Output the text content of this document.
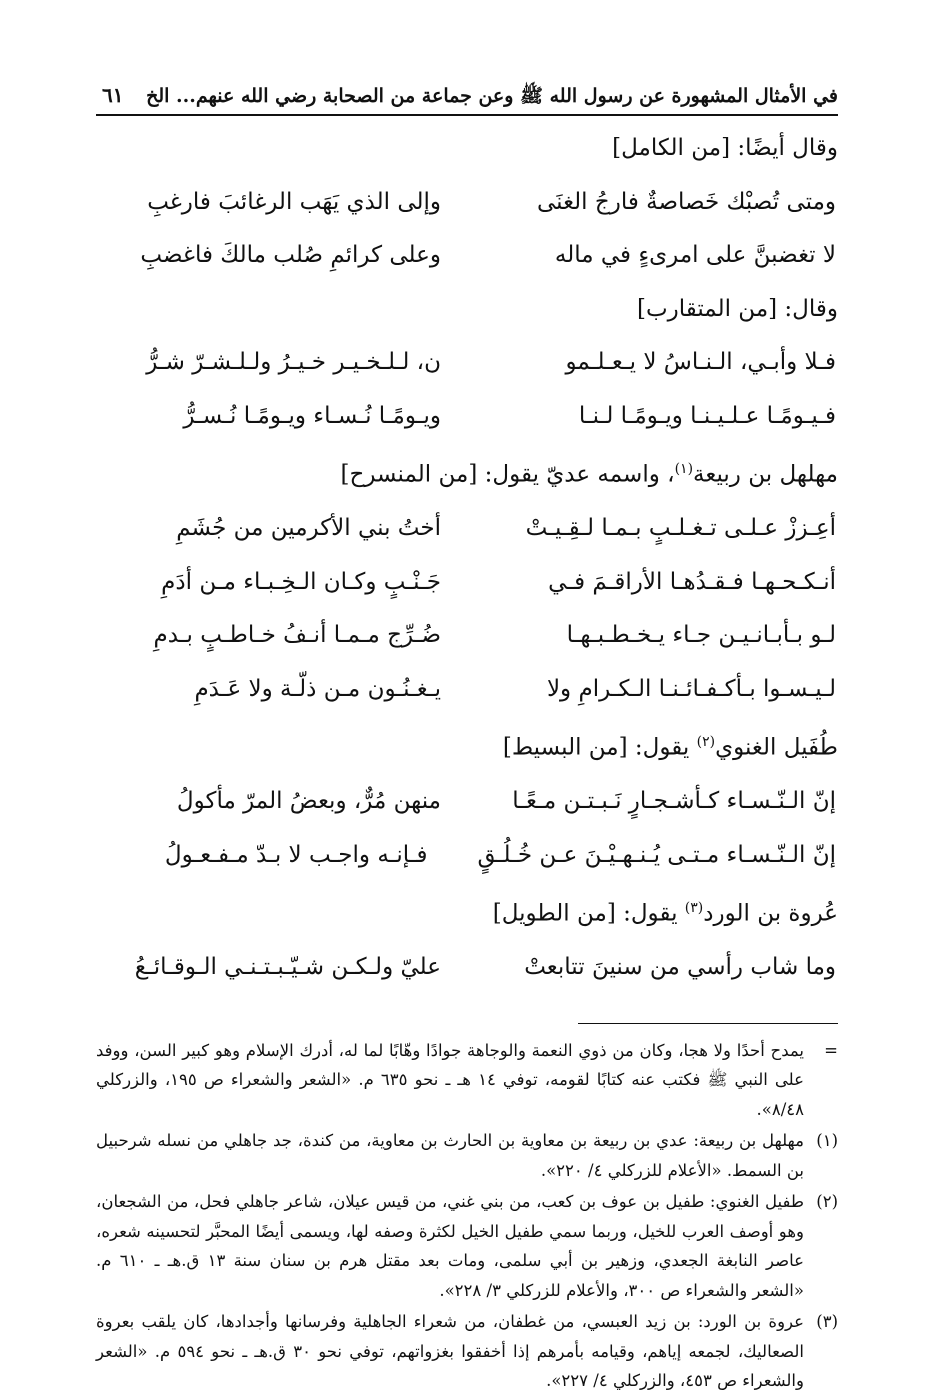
في الأمثال المشهورة عن رسول الله ﷺ وعن جماعة من الصحابة رضي الله عنهم... الخ
٦١
وقال أيضًا: [من الكامل]
ومتى تُصبْك خَصاصةٌ فارجُ الغنَى
وإلى الذي يَهَب الرغائبَ فارغبِ
لا تغضبنَّ على امرىءٍ في ماله
وعلى كرائمِ صُلب مالكَ فاغضبِ
وقال: [من المتقارب]
فـلا وأبـي، الـنـاسُ لا يـعـلـمو
ن، لـلـخـيـر خـيـرُ ولـلـشـرّ شـرُّ
فـيـومًـا عـلـيـنـا ويـومًـا لـنـا
ويـومًـا نُـسـاء ويـومًـا نُـسـرُّ
مهلهل بن ربيعة$^{(١)}$، واسمه عديّ يقول: [من المنسرح]
أعِـززْ عـلـى تـغـلـبٍ بـمـا لـقِـيـتْ
أختُ بني الأكرمين من جُشَمِ
أنـكـحـهـا فـقـدُهـا الأراقـمَ فـي
جَـنْـبٍ وكـان الـخِـبـاء مـن أدَمِ
لـو بـأبـانـيـن جـاء يـخـطـبـهـا
ضُـرِّج مـمـا أنـفُ خـاطـبٍ بـدمِ
لـيـسـوا بـأكـفـائـنـا الـكـرامِ ولا
يـغـنُـون مـن ذلّـة ولا عَـدَمِ
طُفَيل الغنوي$^{(٢)}$ يقول: [من البسيط]
إنّ الـنّـسـاء كـأشـجـارٍ نَـبـتـن مـعًـا
منهن مُرٌّ، وبعضُ المرّ مأكولُ
إنّ الـنّـسـاء مـتـى يُـنـهـيْـنَ عـن خُـلُـقٍ
فـإنـه واجـب لا بـدّ مـفـعـولُ
عُروة بن الورد$^{(٣)}$ يقول: [من الطويل]
وما شاب رأسي من سنينَ تتابعتْ
عليّ ولـكـن شـيّـبـتـنـي الـوقـائـعُ
=
يمدح أحدًا ولا هجا، وكان من ذوي النعمة والوجاهة جوادًا وهّابًا لما له، أدرك الإسلام وهو كبير السن، ووفد على النبي ﷺ فكتب عنه كتابًا لقومه، توفي ١٤ هـ ـ نحو ٦٣٥ م. «الشعر والشعراء ص ١٩٥، والزركلي ٨/٤٨».
(١)
مهلهل بن ربيعة: عدي بن ربيعة بن معاوية بن الحارث بن معاوية، من كندة، جد جاهلي من نسله شرحبيل بن السمط. «الأعلام للزركلي ٤/ ٢٢٠».
(٢)
طفيل الغنوي: طفيل بن عوف بن كعب، من بني غني، من قيس عيلان، شاعر جاهلي فحل، من الشجعان، وهو أوصف العرب للخيل، وربما سمي طفيل الخيل لكثرة وصفه لها، ويسمى أيضًا المحبَّر لتحسينه شعره، عاصر النابغة الجعدي، وزهير بن أبي سلمى، ومات بعد مقتل هرم بن سنان سنة ١٣ ق.هـ ـ ٦١٠ م. «الشعر والشعراء ص ٣٠٠، والأعلام للزركلي ٣/ ٢٢٨».
(٣)
عروة بن الورد: بن زيد العبسي، من غطفان، من شعراء الجاهلية وفرسانها وأجدادها، كان يلقب بعروة الصعاليك، لجمعه إياهم، وقيامه بأمرهم إذا أخفقوا بغزواتهم، توفي نحو ٣٠ ق.هـ ـ نحو ٥٩٤ م. «الشعر والشعراء ص ٤٥٣، والزركلي ٤/ ٢٢٧».
